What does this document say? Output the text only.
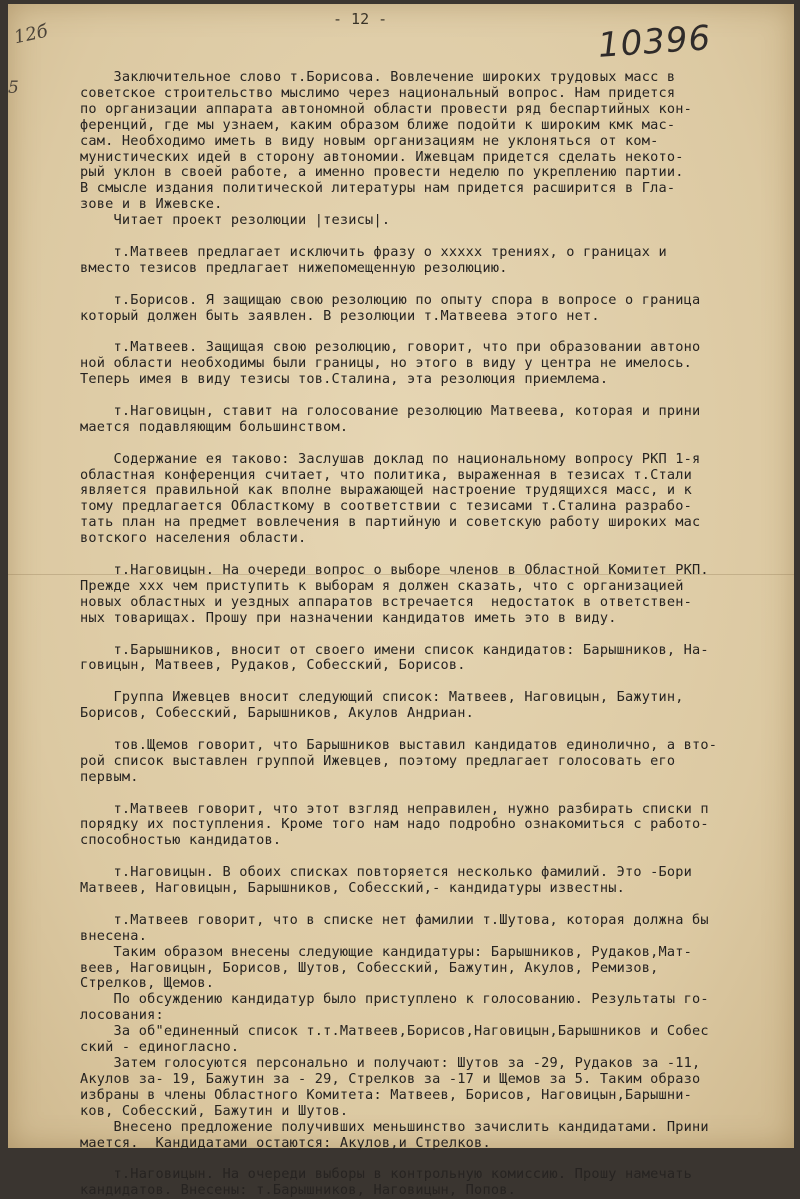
- 12 -	10396
12б
5
Заключительное слово т.Борисова. Вовлечение широких трудовых масс в
советское строительство мыслимо через национальный вопрос. Нам придется
по организации аппарата автономной области провести ряд беспартийных кон-
ференций, где мы узнаем, каким образом ближе подойти к широким кмк мас-
сам. Необходимо иметь в виду новым организациям не уклоняться от ком-
мунистических идей в сторону автономии. Ижевцам придется сделать некото-
рый уклон в своей работе, а именно провести неделю по укреплению партии.
В смысле издания политической литературы нам придется расширится в Гла-
зове и в Ижевске.
Читает проект резолюции |тезисы|.
т.Матвеев предлагает исключить фразу о ххххх трениях, о границах и
вместо тезисов предлагает нижепомещенную резолюцию.
т.Борисов. Я защищаю свою резолюцию по опыту спора в вопросе о граница
который должен быть заявлен. В резолюции т.Матвеева этого нет.
т.Матвеев. Защищая свою резолюцию, говорит, что при образовании автоно
ной области необходимы были границы, но этого в виду у центра не имелось.
Теперь имея в виду тезисы тов.Сталина, эта резолюция приемлема.
т.Наговицын, ставит на голосование резолюцию Матвеева, которая и прини
мается подавляющим большинством.
Содержание ея таково: Заслушав доклад по национальному вопросу РКП 1-я
областная конференция считает, что политика, выраженная в тезисах т.Стали
является правильной как вполне выражающей настроение трудящихся масс, и к
тому предлагается Облаcткому в соответствии с тезисами т.Сталина разрабо-
тать план на предмет вовлечения в партийную и советскую работу широких мас
вотского населения области.
т.Наговицын. На очереди вопрос о выборе членов в Областной Комитет РКП.
Прежде ххх чем приступить к выборам я должен сказать, что с организацией
новых областных и уездных аппаратов встречается  недостаток в ответствен-
ных товарищах. Прошу при назначении кандидатов иметь это в виду.
т.Барышников, вносит от своего имени список кандидатов: Барышников, На-
говицын, Матвеев, Рудаков, Собесский, Борисов.
Группа Ижевцев вносит следующий список: Матвеев, Наговицын, Бажутин,
Борисов, Собесский, Барышников, Акулов Андриан.
тов.Щемов говорит, что Барышников выставил кандидатов единолично, а вто-
рой список выставлен группой Ижевцев, поэтому предлагает голосовать его
первым.
т.Матвеев говорит, что этот взгляд неправилен, нужно разбирать списки п
порядку их поступления. Кроме того нам надо подробно ознакомиться с работо-
способностью кандидатов.
т.Наговицын. В обоих списках повторяется несколько фамилий. Это -Бори
Матвеев, Наговицын, Барышников, Собесский,- кандидатуры известны.
т.Матвеев говорит, что в списке нет фамилии т.Шутова, которая должна бы
внесена.
Таким образом внесены следующие кандидатуры: Барышников, Рудаков,Мат-
веев, Наговицын, Борисов, Шутов, Собесский, Бажутин, Акулов, Ремизов,
Стрелков, Щемов.
По обсуждению кандидатур было приступлено к голосованию. Результаты го-
лосования:
За об"единенный список т.т.Матвеев,Борисов,Наговицын,Барышников и Собес
ский - единогласно.
Затем голосуются персонально и получают: Шутов за -29, Рудаков за -11,
Акулов за- 19, Бажутин за - 29, Стрелков за -17 и Щемов за 5. Таким образо
избраны в члены Областного Комитета: Матвеев, Борисов, Наговицын,Барышни-
ков, Собесский, Бажутин и Шутов.
Внесено предложение получивших меньшинство зачислить кандидатами. Прини
мается.  Кандидатами остаются: Акулов,и Стрелков.
т.Наговицын. На очереди выборы в контрольную комиссию. Прошу намечать
кандидатов. Внесены: т.Барышников, Наговицын, Попов.
